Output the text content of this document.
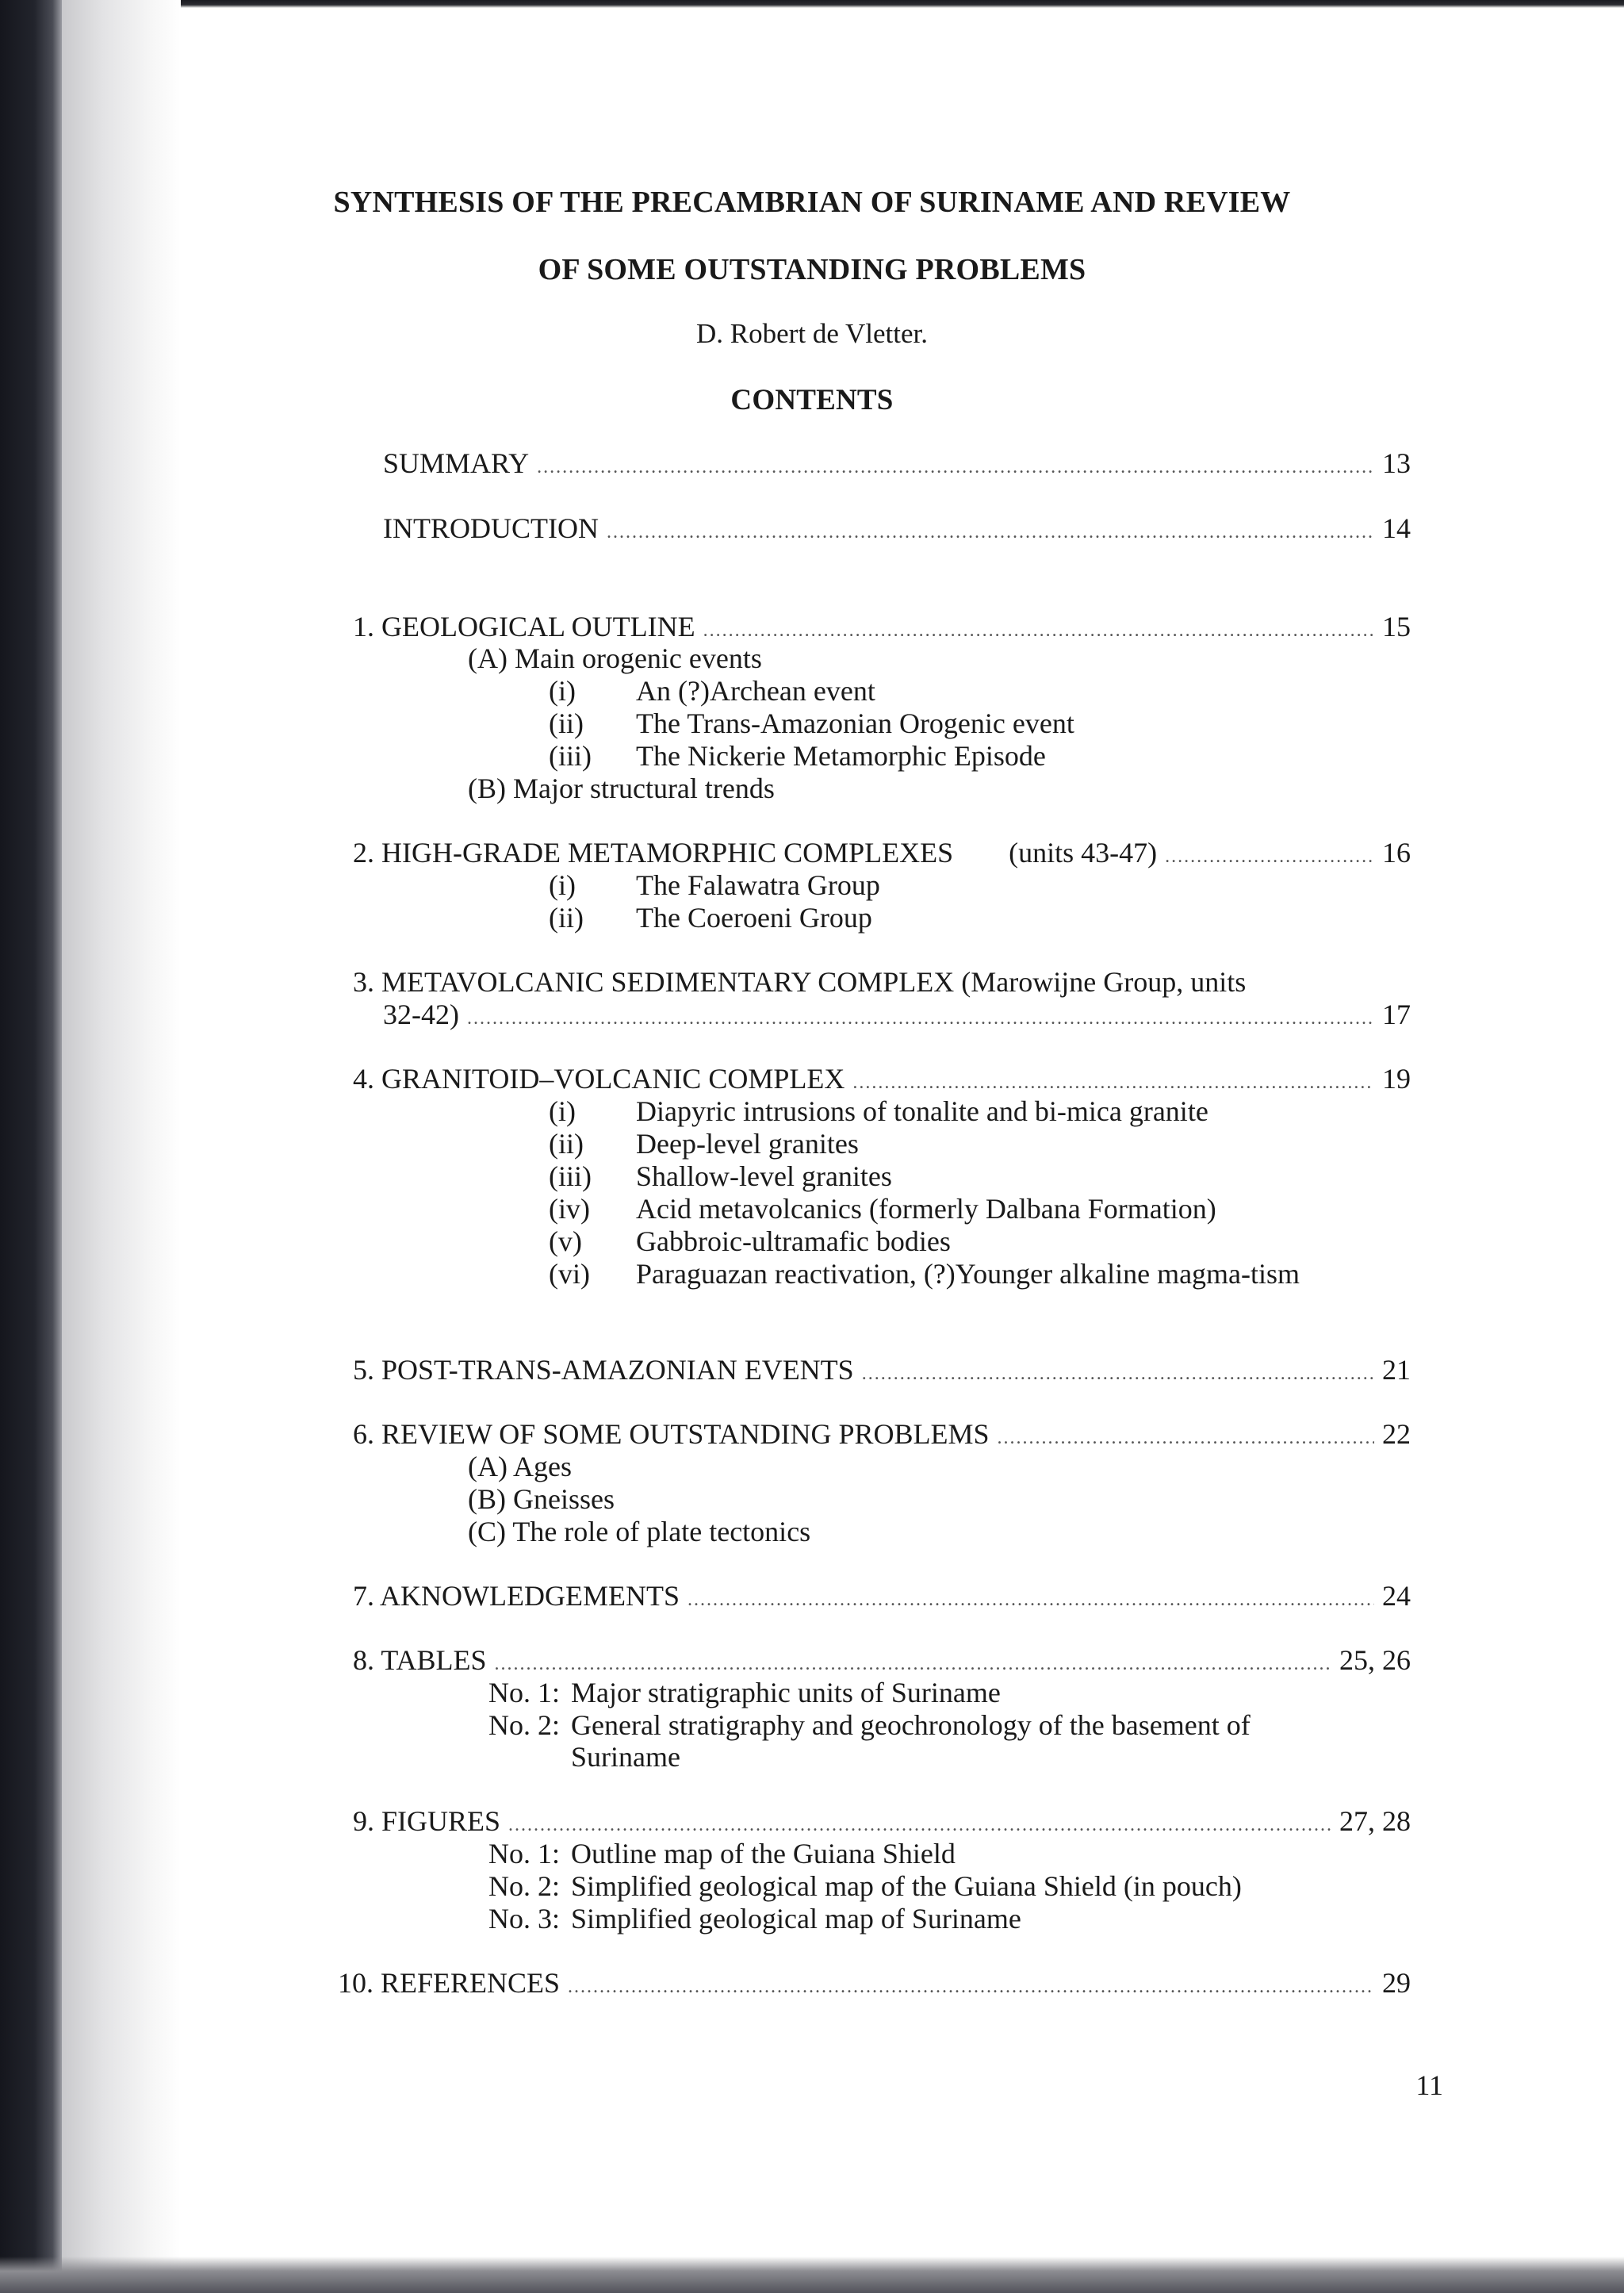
SYNTHESIS OF THE PRECAMBRIAN OF SURINAME AND REVIEW
OF SOME OUTSTANDING PROBLEMS
D. Robert de Vletter.
CONTENTS
SUMMARY . . .	13
INTRODUCTION . . .	14
1. GEOLOGICAL OUTLINE . . .	15
(A) Main orogenic events
(i)	An (?)Archean event
(ii)	The Trans-Amazonian Orogenic event
(iii)	The Nickerie Metamorphic Episode
(B) Major structural trends
2. HIGH-GRADE METAMORPHIC COMPLEXES (units 43-47) . . .	16
(i)	The Falawatra Group
(ii)	The Coeroeni Group
3. METAVOLCANIC SEDIMENTARY COMPLEX (Marowijne Group, units
32-42) . . .	17
4. GRANITOID–VOLCANIC COMPLEX . . .	19
(i)	Diapyric intrusions of tonalite and bi-mica granite
(ii)	Deep-level granites
(iii)	Shallow-level granites
(iv)	Acid metavolcanics (formerly Dalbana Formation)
(v)	Gabbroic-ultramafic bodies
(vi)	Paraguazan reactivation, (?)Younger alkaline magma-tism
5. POST-TRANS-AMAZONIAN EVENTS . . .	21
6. REVIEW OF SOME OUTSTANDING PROBLEMS . . .	22
(A) Ages
(B) Gneisses
(C) The role of plate tectonics
7. AKNOWLEDGEMENTS . . .	24
8. TABLES . . .	25, 26
No. 1: Major stratigraphic units of Suriname
No. 2: General stratigraphy and geochronology of the basement of Suriname
9. FIGURES . . .	27, 28
No. 1: Outline map of the Guiana Shield
No. 2: Simplified geological map of the Guiana Shield (in pouch)
No. 3: Simplified geological map of Suriname
10. REFERENCES . . .	29
11
